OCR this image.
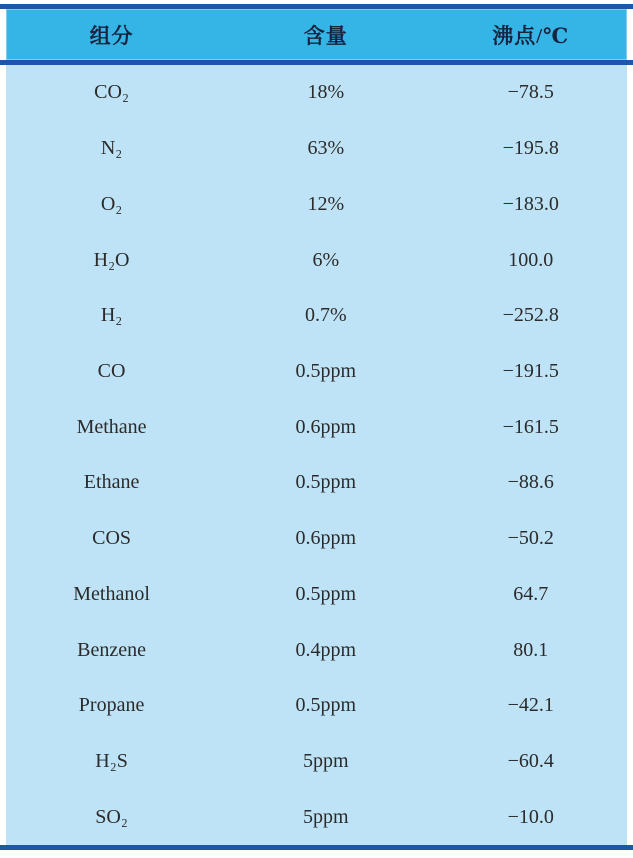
组分	含量	沸点/℃
CO₂	18%	−78.5
N₂	63%	−195.8
O₂	12%	−183.0
H₂O	6%	100.0
H₂	0.7%	−252.8
CO	0.5ppm	−191.5
Methane	0.6ppm	−161.5
Ethane	0.5ppm	−88.6
COS	0.6ppm	−50.2
Methanol	0.5ppm	64.7
Benzene	0.4ppm	80.1
Propane	0.5ppm	−42.1
H₂S	5ppm	−60.4
SO₂	5ppm	−10.0
